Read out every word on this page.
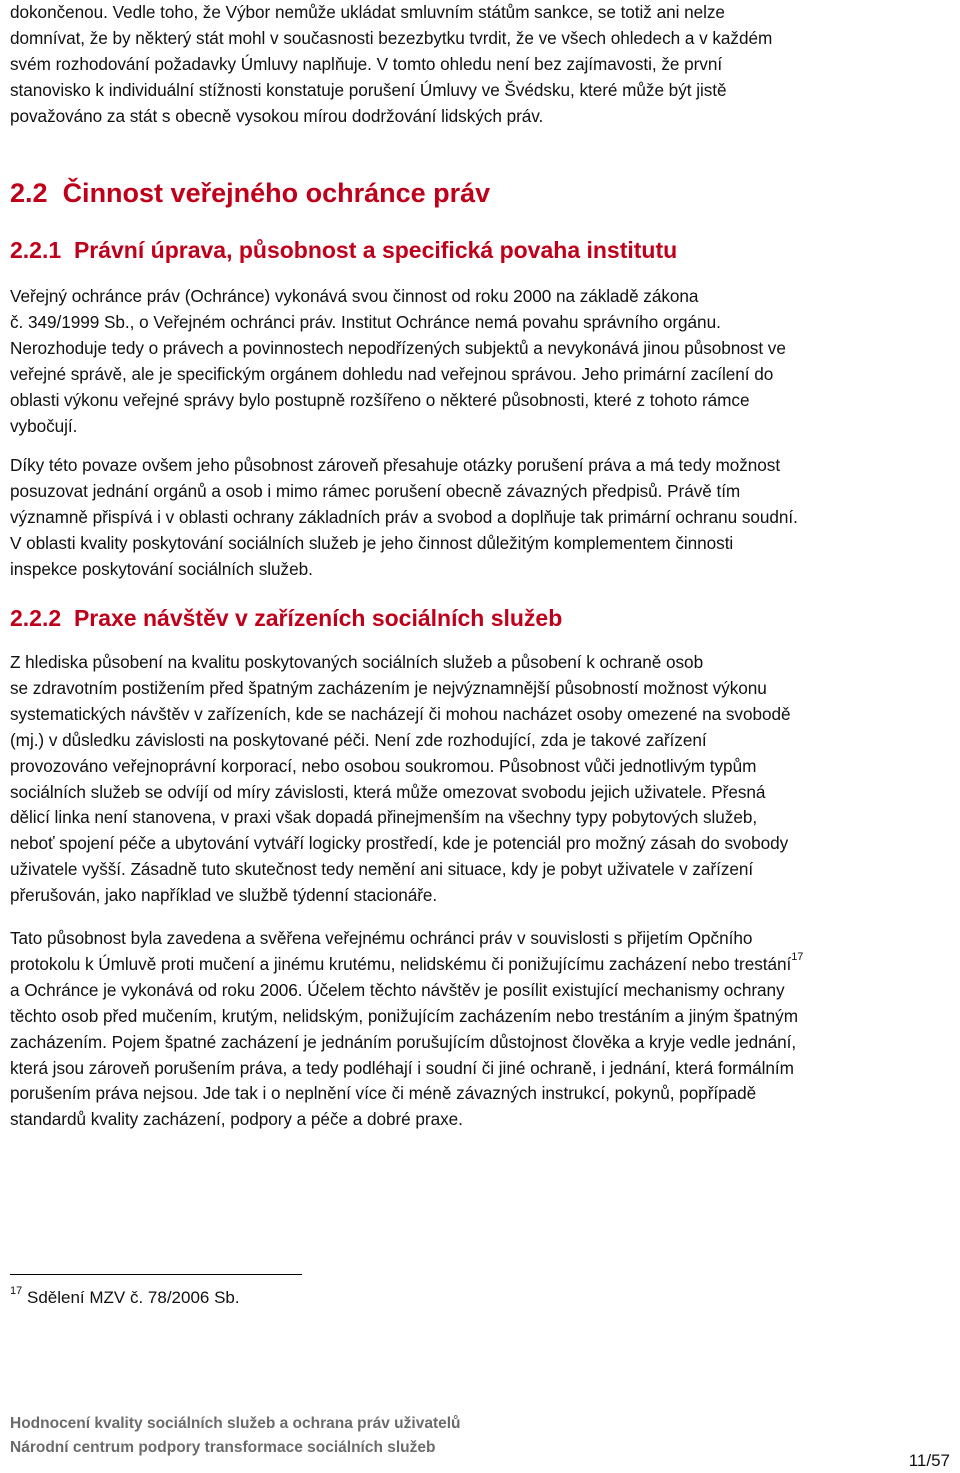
dokončenou. Vedle toho, že Výbor nemůže ukládat smluvním státům sankce, se totiž ani nelze
domnívat, že by některý stát mohl v současnosti bezezbytku tvrdit, že ve všech ohledech a v každém
svém rozhodování požadavky Úmluvy naplňuje. V tomto ohledu není bez zajímavosti, že první
stanovisko k individuální stížnosti konstatuje porušení Úmluvy ve Švédsku, které může být jistě
považováno za stát s obecně vysokou mírou dodržování lidských práv.

2.2 Činnost veřejného ochránce práv
2.2.1 Právní úprava, působnost a specifická povaha institutu

Veřejný ochránce práv (Ochránce) vykonává svou činnost od roku 2000 na základě zákona
č. 349/1999 Sb., o Veřejném ochránci práv. Institut Ochránce nemá povahu správního orgánu.
Nerozhoduje tedy o právech a povinnostech nepodřízených subjektů a nevykonává jinou působnost ve
veřejné správě, ale je specifickým orgánem dohledu nad veřejnou správou. Jeho primární zacílení do
oblasti výkonu veřejné správy bylo postupně rozšířeno o některé působnosti, které z tohoto rámce
vybočují.

Díky této povaze ovšem jeho působnost zároveň přesahuje otázky porušení práva a má tedy možnost
posuzovat jednání orgánů a osob i mimo rámec porušení obecně závazných předpisů. Právě tím
významně přispívá i v oblasti ochrany základních práv a svobod a doplňuje tak primární ochranu soudní.
V oblasti kvality poskytování sociálních služeb je jeho činnost důležitým komplementem činnosti
inspekce poskytování sociálních služeb.

2.2.2 Praxe návštěv v zařízeních sociálních služeb

Z hlediska působení na kvalitu poskytovaných sociálních služeb a působení k ochraně osob
se zdravotním postižením před špatným zacházením je nejvýznamnější působností možnost výkonu
systematických návštěv v zařízeních, kde se nacházejí či mohou nacházet osoby omezené na svobodě
(mj.) v důsledku závislosti na poskytované péči. Není zde rozhodující, zda je takové zařízení
provozováno veřejnoprávní korporací, nebo osobou soukromou. Působnost vůči jednotlivým typům
sociálních služeb se odvíjí od míry závislosti, která může omezovat svobodu jejich uživatele. Přesná
dělicí linka není stanovena, v praxi však dopadá přinejmenším na všechny typy pobytových služeb,
neboť spojení péče a ubytování vytváří logicky prostředí, kde je potenciál pro možný zásah do svobody
uživatele vyšší. Zásadně tuto skutečnost tedy nemění ani situace, kdy je pobyt uživatele v zařízení
přerušován, jako například ve službě týdenní stacionáře.

Tato působnost byla zavedena a svěřena veřejnému ochránci práv v souvislosti s přijetím Opčního
protokolu k Úmluvě proti mučení a jinému krutému, nelidskému či ponižujícímu zacházení nebo trestání$^{17}$
a Ochránce je vykonává od roku 2006. Účelem těchto návštěv je posílit existující mechanismy ochrany
těchto osob před mučením, krutým, nelidským, ponižujícím zacházením nebo trestáním a jiným špatným
zacházením. Pojem špatné zacházení je jednáním porušujícím důstojnost člověka a kryje vedle jednání,
která jsou zároveň porušením práva, a tedy podléhají i soudní či jiné ochraně, i jednání, která formálním
porušením práva nejsou. Jde tak i o neplnění více či méně závazných instrukcí, pokynů, popřípadě
standardů kvality zacházení, podpory a péče a dobré praxe.

$^{17}$ Sdělení MZV č. 78/2006 Sb.

Hodnocení kvality sociálních služeb a ochrana práv uživatelů
Národní centrum podpory transformace sociálních služeb
11/57
